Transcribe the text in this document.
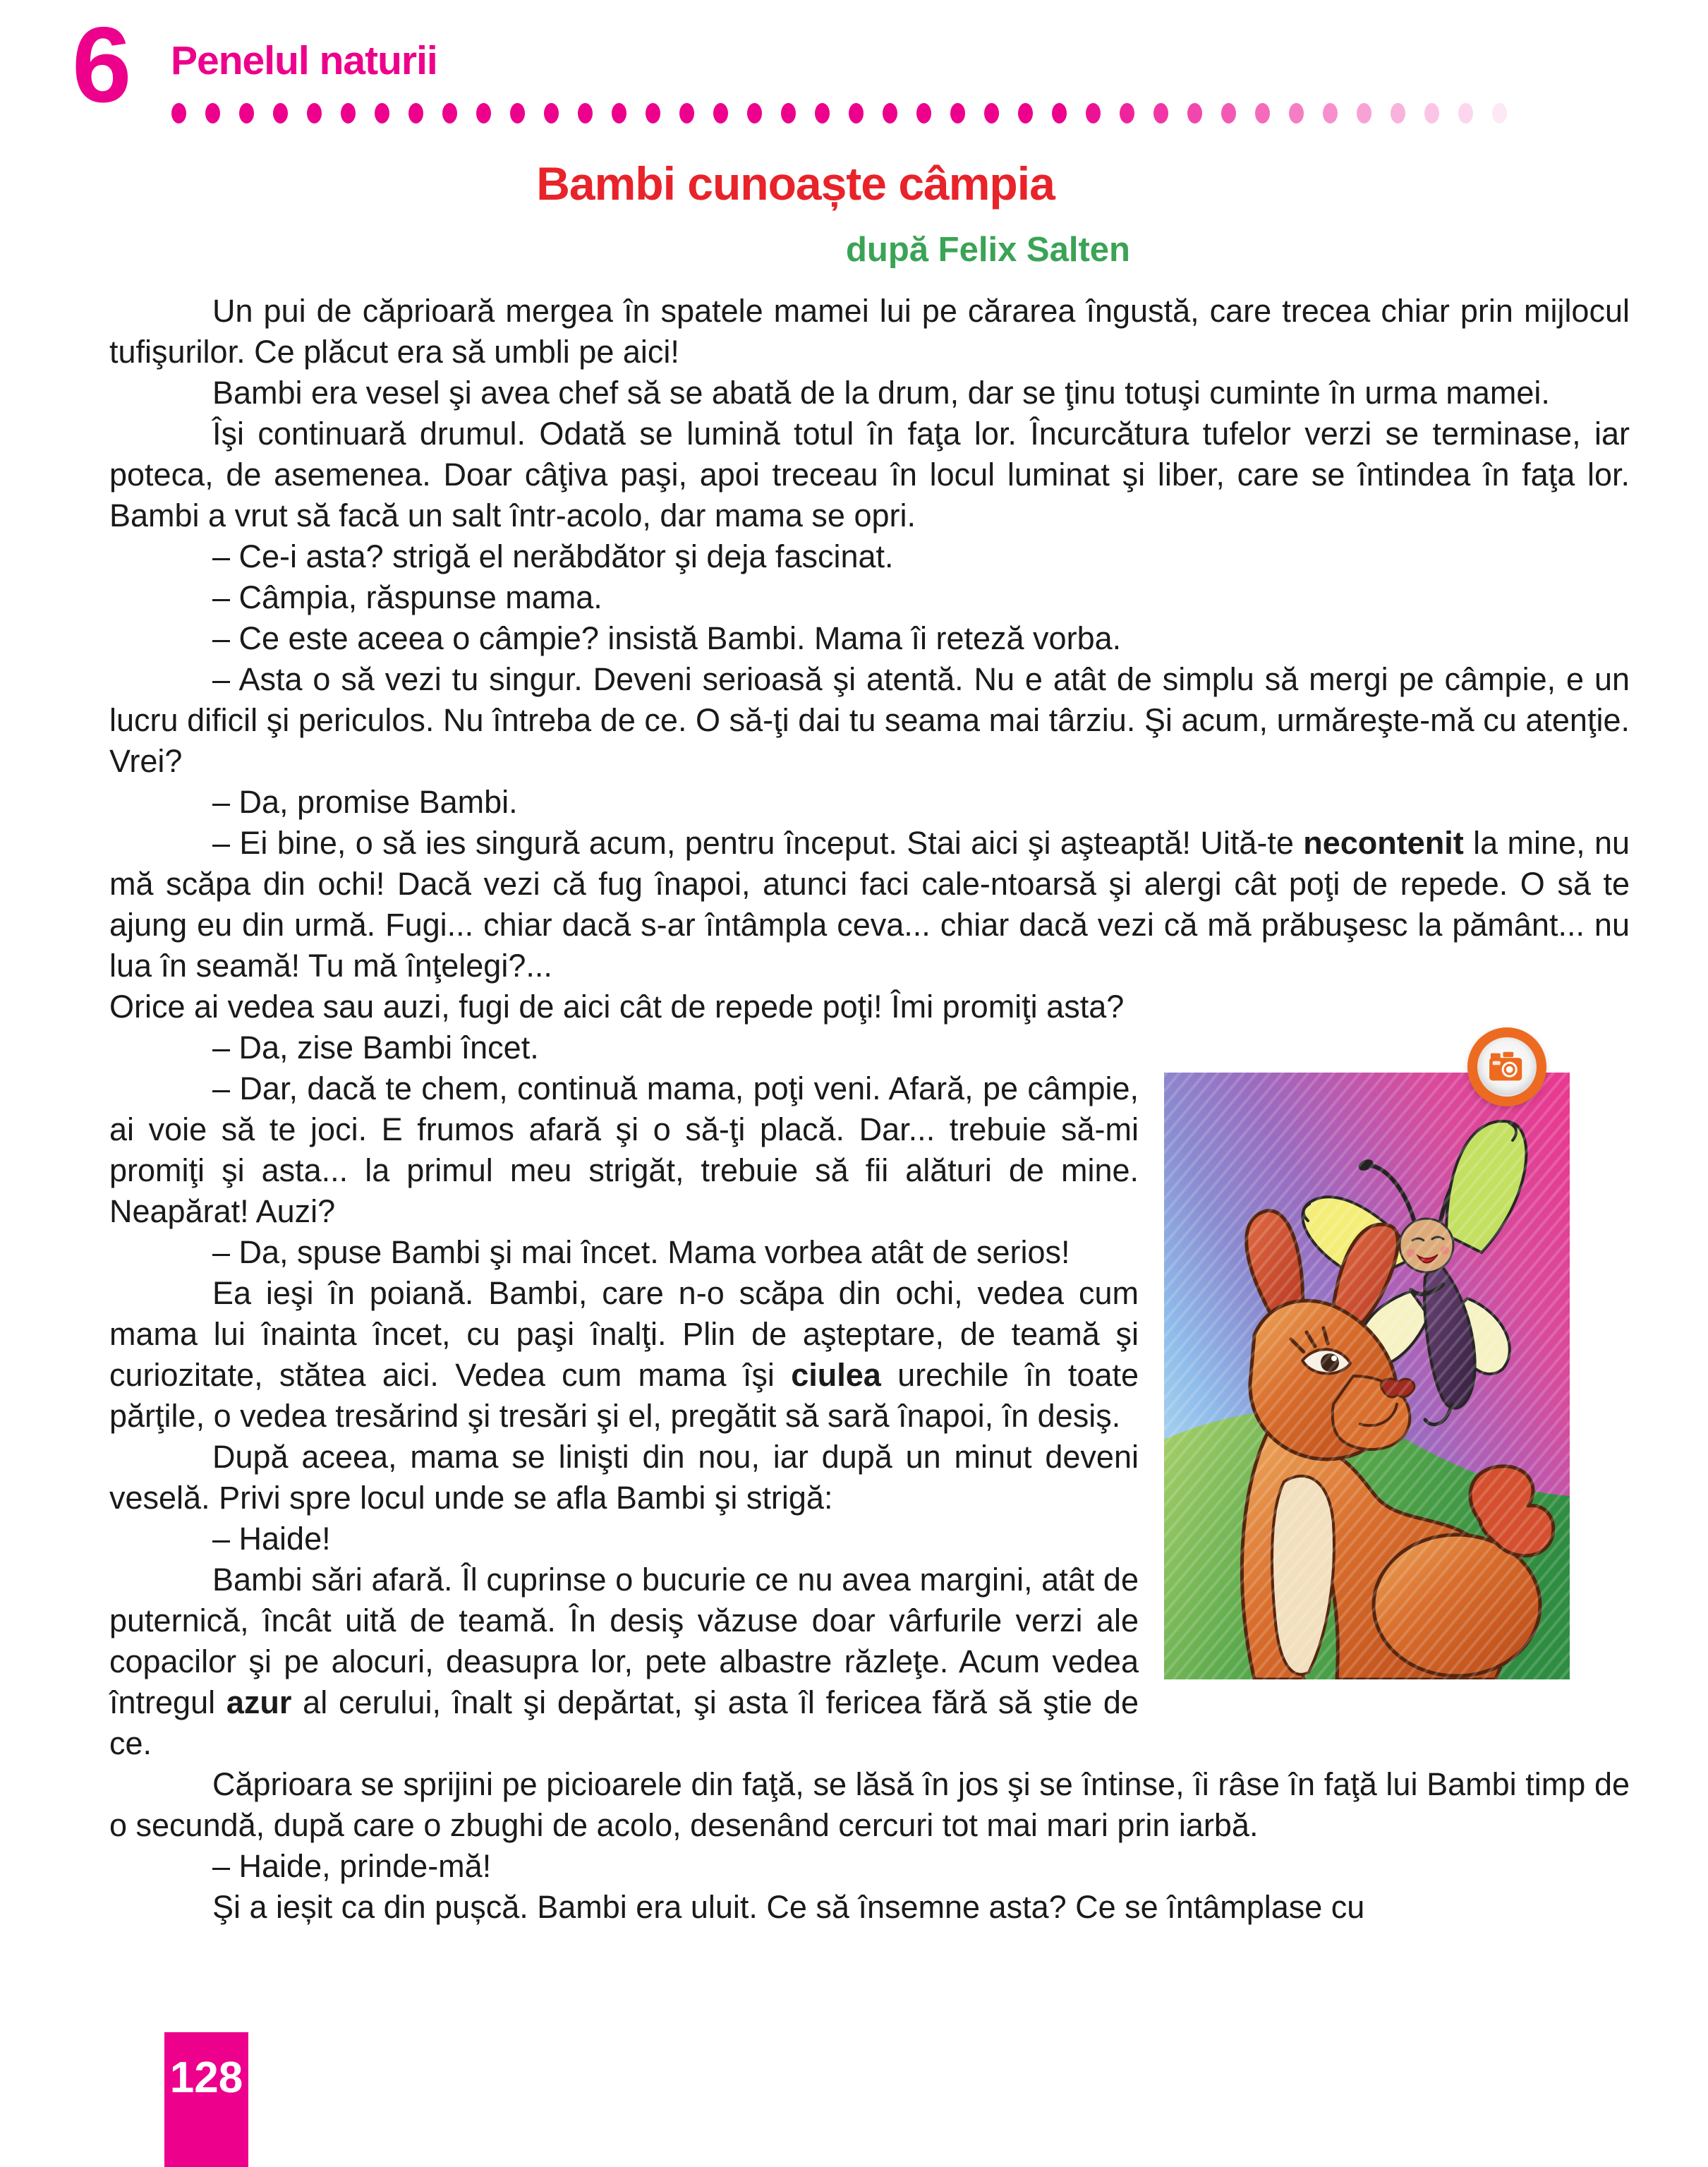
6 Penelul naturii
Bambi cunoaște câmpia
după Felix Salten

Un pui de căprioară mergea în spatele mamei lui pe cărarea îngustă, care trecea chiar prin mijlocul tufişurilor. Ce plăcut era să umbli pe aici!

Bambi era vesel şi avea chef să se abată de la drum, dar se ţinu totuşi cuminte în urma mamei.

Îşi continuară drumul. Odată se lumină totul în faţa lor. Încurcătura tufelor verzi se terminase, iar poteca, de asemenea. Doar câţiva paşi, apoi treceau în locul luminat şi liber, care se întindea în faţa lor. Bambi a vrut să facă un salt într-acolo, dar mama se opri.

– Ce-i asta? strigă el nerăbdător şi deja fascinat.

– Câmpia, răspunse mama.

– Ce este aceea o câmpie? insistă Bambi. Mama îi reteză vorba.

– Asta o să vezi tu singur. Deveni serioasă şi atentă. Nu e atât de simplu să mergi pe câmpie, e un lucru dificil şi periculos. Nu întreba de ce. O să-ţi dai tu seama mai târziu. Şi acum, urmăreşte-mă cu atenţie. Vrei?

– Da, promise Bambi.

– Ei bine, o să ies singură acum, pentru început. Stai aici şi aşteaptă! Uită-te necontenit la mine, nu mă scăpa din ochi! Dacă vezi că fug înapoi, atunci faci cale-ntoarsă şi alergi cât poţi de repede. O să te ajung eu din urmă. Fugi... chiar dacă s-ar întâmpla ceva... chiar dacă vezi că mă prăbuşesc la pământ... nu lua în seamă! Tu mă înţelegi?...

Orice ai vedea sau auzi, fugi de aici cât de repede poţi! Îmi promiţi asta?

– Da, zise Bambi încet.

– Dar, dacă te chem, continuă mama, poţi veni. Afară, pe câmpie, ai voie să te joci. E frumos afară şi o să-ţi placă. Dar... trebuie să-mi promiţi şi asta... la primul meu strigăt, trebuie să fii alături de mine. Neapărat! Auzi?

– Da, spuse Bambi şi mai încet. Mama vorbea atât de serios!

Ea ieşi în poiană. Bambi, care n-o scăpa din ochi, vedea cum mama lui înainta încet, cu paşi înalţi. Plin de aşteptare, de teamă şi curiozitate, stătea aici. Vedea cum mama îşi ciulea urechile în toate părţile, o vedea tresărind şi tresări şi el, pregătit să sară înapoi, în desiş.

După aceea, mama se linişti din nou, iar după un minut deveni veselă. Privi spre locul unde se afla Bambi şi strigă:

– Haide!

Bambi sări afară. Îl cuprinse o bucurie ce nu avea margini, atât de puternică, încât uită de teamă. În desiş văzuse doar vârfurile verzi ale copacilor şi pe alocuri, deasupra lor, pete albastre răzleţe. Acum vedea întregul azur al cerului, înalt şi depărtat, şi asta îl fericea fără să ştie de ce.

Căprioara se sprijini pe picioarele din faţă, se lăsă în jos şi se întinse, îi râse în faţă lui Bambi timp de o secundă, după care o zbughi de acolo, desenând cercuri tot mai mari prin iarbă.

– Haide, prinde-mă!

Şi a ieșit ca din pușcă. Bambi era uluit. Ce să însemne asta? Ce se întâmplase cu

128
